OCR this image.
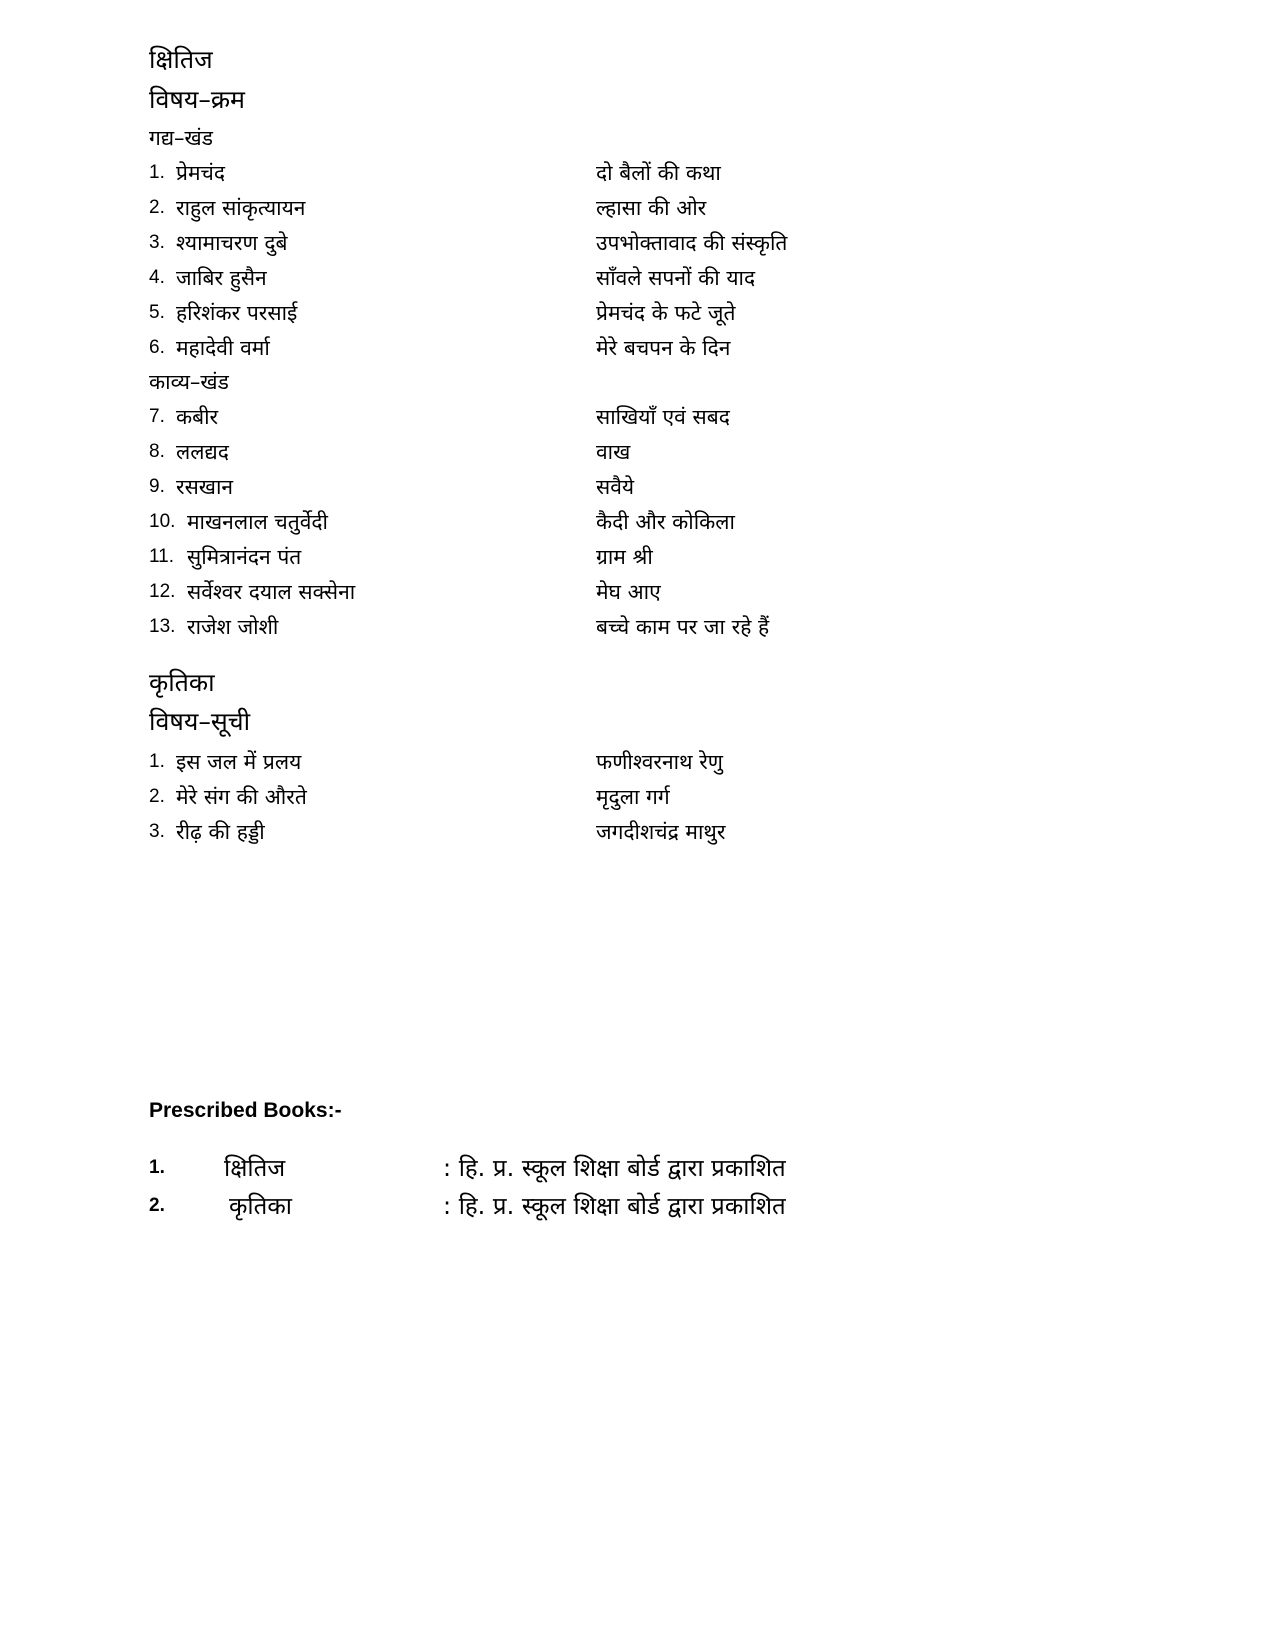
क्षितिज
विषय–क्रम
गद्य–खंड
1. प्रेमचंद	दो बैलों की कथा
2. राहुल सांकृत्यायन	ल्हासा की ओर
3. श्यामाचरण दुबे	उपभोक्तावाद की संस्कृति
4. जाबिर हुसैन	साँवले सपनों की याद
5. हरिशंकर परसाई	प्रेमचंद के फटे जूते
6. महादेवी वर्मा	मेरे बचपन के दिन
काव्य–खंड
7. कबीर	साखियाँ एवं सबद
8. ललद्यद	वाख
9. रसखान	सवैये
10. माखनलाल चतुर्वेदी	कैदी और कोकिला
11. सुमित्रानंदन पंत	ग्राम श्री
12. सर्वेश्वर दयाल सक्सेना	मेघ आए
13. राजेश जोशी	बच्चे काम पर जा रहे हैं
कृतिका
विषय–सूची
1. इस जल में प्रलय	फणीश्वरनाथ रेणु
2. मेरे संग की औरते	मृदुला गर्ग
3. रीढ़ की हड्डी	जगदीशचंद्र माथुर
Prescribed Books:-
1. क्षितिज	: हि. प्र. स्कूल शिक्षा बोर्ड द्वारा प्रकाशित
2.	कृतिका	: हि. प्र. स्कूल शिक्षा बोर्ड द्वारा प्रकाशित
